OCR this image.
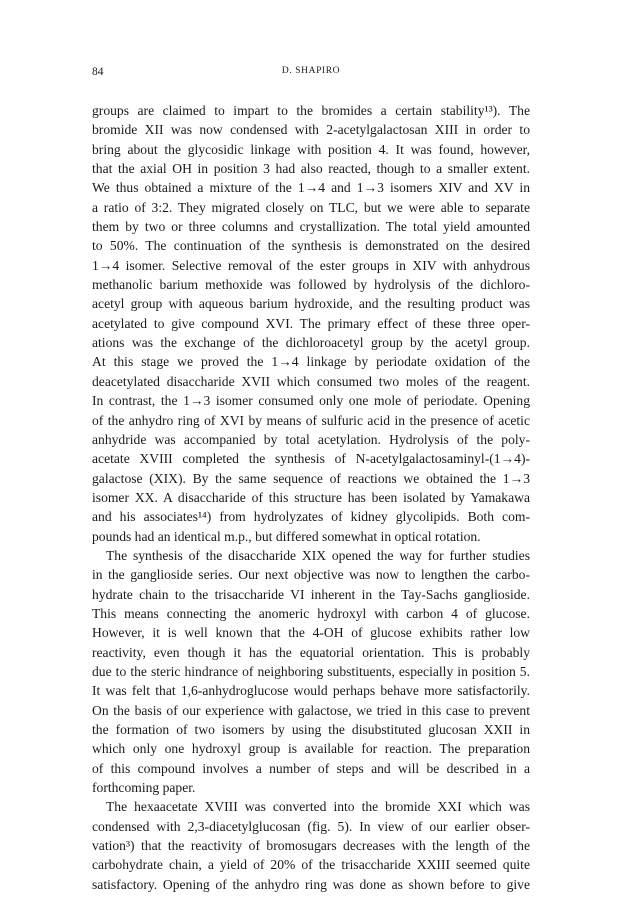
84	D. SHAPIRO
groups are claimed to impart to the bromides a certain stability¹³). The
bromide XII was now condensed with 2-acetylgalactosan XIII in order to
bring about the glycosidic linkage with position 4. It was found, however,
that the axial OH in position 3 had also reacted, though to a smaller extent.
We thus obtained a mixture of the 1→4 and 1→3 isomers XIV and XV in
a ratio of 3:2. They migrated closely on TLC, but we were able to separate
them by two or three columns and crystallization. The total yield amounted
to 50%. The continuation of the synthesis is demonstrated on the desired
1→4 isomer. Selective removal of the ester groups in XIV with anhydrous
methanolic barium methoxide was followed by hydrolysis of the dichloro-
acetyl group with aqueous barium hydroxide, and the resulting product was
acetylated to give compound XVI. The primary effect of these three oper-
ations was the exchange of the dichloroacetyl group by the acetyl group.
At this stage we proved the 1→4 linkage by periodate oxidation of the
deacetylated disaccharide XVII which consumed two moles of the reagent.
In contrast, the 1→3 isomer consumed only one mole of periodate. Opening
of the anhydro ring of XVI by means of sulfuric acid in the presence of acetic
anhydride was accompanied by total acetylation. Hydrolysis of the poly-
acetate XVIII completed the synthesis of N-acetylgalactosaminyl-(1→4)-
galactose (XIX). By the same sequence of reactions we obtained the 1→3
isomer XX. A disaccharide of this structure has been isolated by Yamakawa
and his associates¹⁴) from hydrolyzates of kidney glycolipids. Both com-
pounds had an identical m.p., but differed somewhat in optical rotation.
The synthesis of the disaccharide XIX opened the way for further studies
in the ganglioside series. Our next objective was now to lengthen the carbo-
hydrate chain to the trisaccharide VI inherent in the Tay-Sachs ganglioside.
This means connecting the anomeric hydroxyl with carbon 4 of glucose.
However, it is well known that the 4-OH of glucose exhibits rather low
reactivity, even though it has the equatorial orientation. This is probably
due to the steric hindrance of neighboring substituents, especially in position 5.
It was felt that 1,6-anhydroglucose would perhaps behave more satisfactorily.
On the basis of our experience with galactose, we tried in this case to prevent
the formation of two isomers by using the disubstituted glucosan XXII in
which only one hydroxyl group is available for reaction. The preparation
of this compound involves a number of steps and will be described in a
forthcoming paper.
The hexaacetate XVIII was converted into the bromide XXI which was
condensed with 2,3-diacetylglucosan (fig. 5). In view of our earlier obser-
vation³) that the reactivity of bromosugars decreases with the length of the
carbohydrate chain, a yield of 20% of the trisaccharide XXIII seemed quite
satisfactory. Opening of the anhydro ring was done as shown before to give
